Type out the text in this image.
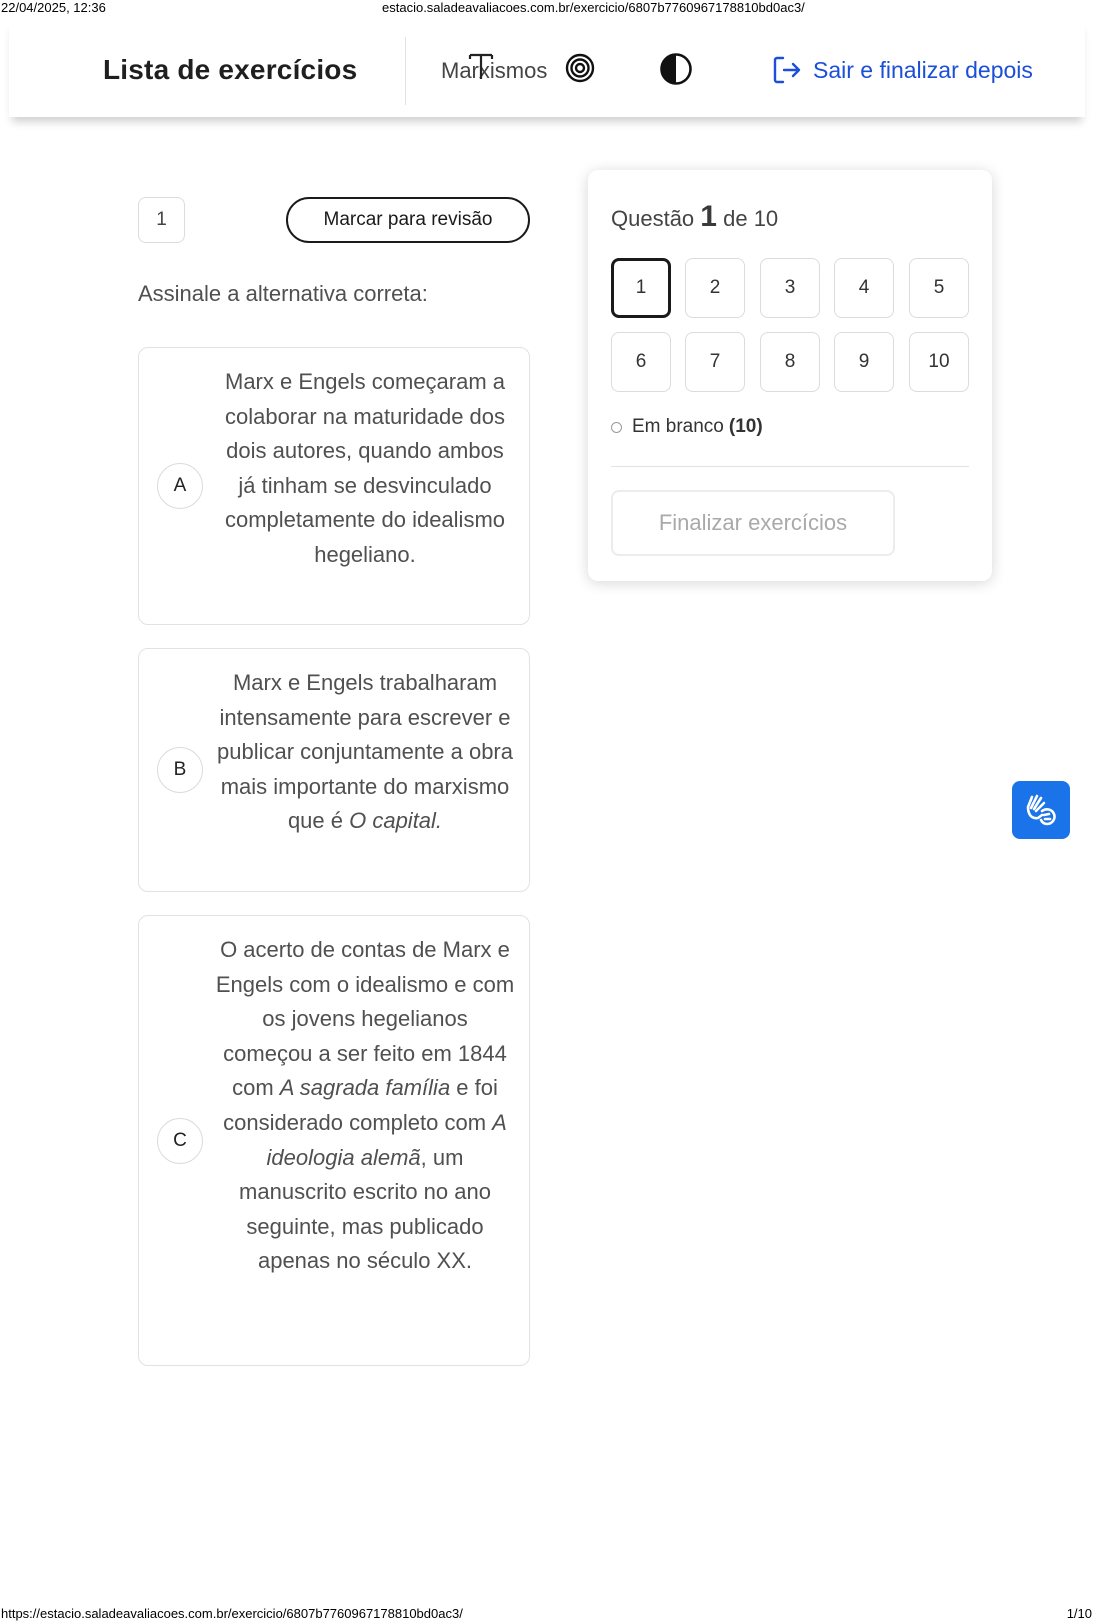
22/04/2025, 12:36	estacio.saladeavaliacoes.com.br/exercicio/6807b7760967178810bd0ac3/
Lista de exercícios	Marxismos	Sair e finalizar depois
1	Marcar para revisão
Assinale a alternativa correta:
A
Marx e Engels começaram a colaborar na maturidade dos dois autores, quando ambos já tinham se desvinculado completamente do idealismo hegeliano.
B
Marx e Engels trabalharam intensamente para escrever e publicar conjuntamente a obra mais importante do marxismo que é O capital.
C
O acerto de contas de Marx e Engels com o idealismo e com os jovens hegelianos começou a ser feito em 1844 com A sagrada família e foi considerado completo com A ideologia alemã, um manuscrito escrito no ano seguinte, mas publicado apenas no século XX.
Questão 1 de 10
1	2	3	4	5
6	7	8	9	10
Em branco (10)
Finalizar exercícios
https://estacio.saladeavaliacoes.com.br/exercicio/6807b7760967178810bd0ac3/	1/10
